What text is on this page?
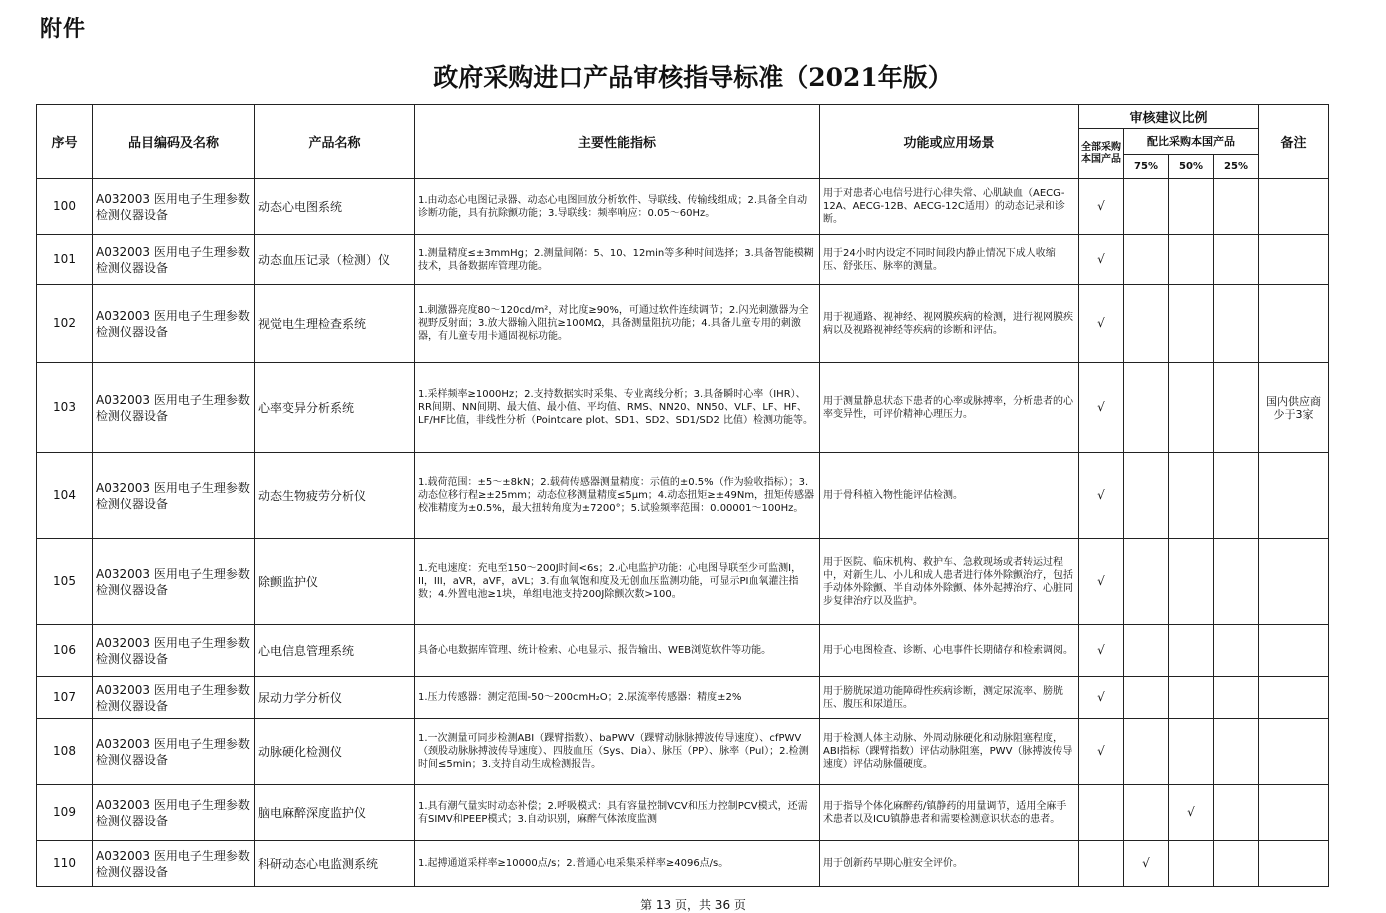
附件
政府采购进口产品审核指导标准（2021年版）
序号	品目编码及名称	产品名称	主要性能指标	功能或应用场景	审核建议比例				备注
					全部采购本国产品	配比采购本国产品			
						75%	50%	25%	
100	A032003 医用电子生理参数检测仪器设备	动态心电图系统	1.由动态心电图记录器、动态心电图回放分析软件、导联线、传输线组成；2.具备全自动诊断功能，具有抗除颤功能；3.导联线：频率响应：0.05～60Hz。	用于对患者心电信号进行心律失常、心肌缺血（AECG-12A、AECG-12B、AECG-12C适用）的动态记录和诊断。	√				
101	A032003 医用电子生理参数检测仪器设备	动态血压记录（检测）仪	1.测量精度≤±3mmHg；2.测量间隔：5、10、12min等多种时间选择；3.具备智能模糊技术，具备数据库管理功能。	用于24小时内设定不同时间段内静止情况下成人收缩压、舒张压、脉率的测量。	√				
102	A032003 医用电子生理参数检测仪器设备	视觉电生理检查系统	1.刺激器亮度80～120cd/m²，对比度≥90%，可通过软件连续调节；2.闪光刺激器为全视野反射面；3.放大器输入阻抗≥100MΩ，具备测量阻抗功能；4.具备儿童专用的刺激器，有儿童专用卡通固视标功能。	用于视通路、视神经、视网膜疾病的检测，进行视网膜疾病以及视路视神经等疾病的诊断和评估。	√				
103	A032003 医用电子生理参数检测仪器设备	心率变异分析系统	1.采样频率≥1000Hz；2.支持数据实时采集、专业离线分析；3.具备瞬时心率（IHR）、RR间期、NN间期、最大值、最小值、平均值、RMS、NN20、NN50、VLF、LF、HF、LF/HF比值，非线性分析（Pointcare plot、SD1、SD2、SD1/SD2 比值）检测功能等。	用于测量静息状态下患者的心率或脉搏率，分析患者的心率变异性，可评价精神心理压力。	√				国内供应商少于3家
104	A032003 医用电子生理参数检测仪器设备	动态生物疲劳分析仪	1.载荷范围：±5～±8kN；2.载荷传感器测量精度：示值的±0.5%（作为验收指标）；3.动态位移行程≥±25mm；动态位移测量精度≤5μm；4.动态扭矩≥±49Nm，扭矩传感器校准精度为±0.5%，最大扭转角度为±7200°；5.试验频率范围：0.00001～100Hz。	用于骨科植入物性能评估检测。	√				
105	A032003 医用电子生理参数检测仪器设备	除颤监护仪	1.充电速度：充电至150～200J时间<6s；2.心电监护功能：心电图导联至少可监测I，II，III，aVR，aVF，aVL；3.有血氧饱和度及无创血压监测功能，可显示PI血氧灌注指数；4.外置电池≥1块，单组电池支持200J除颤次数>100。	用于医院、临床机构、救护车、急救现场或者转运过程中，对新生儿、小儿和成人患者进行体外除颤治疗，包括手动体外除颤、半自动体外除颤、体外起搏治疗、心脏同步复律治疗以及监护。	√				
106	A032003 医用电子生理参数检测仪器设备	心电信息管理系统	具备心电数据库管理、统计检索、心电显示、报告输出、WEB浏览软件等功能。	用于心电图检查、诊断、心电事件长期储存和检索调阅。	√				
107	A032003 医用电子生理参数检测仪器设备	尿动力学分析仪	1.压力传感器：测定范围-50～200cmH₂O；2.尿流率传感器：精度±2%	用于膀胱尿道功能障碍性疾病诊断，测定尿流率、膀胱压、腹压和尿道压。	√				
108	A032003 医用电子生理参数检测仪器设备	动脉硬化检测仪	1.一次测量可同步检测ABI（踝臂指数）、baPWV（踝臂动脉脉搏波传导速度）、cfPWV（颈股动脉脉搏波传导速度）、四肢血压（Sys、Dia）、脉压（PP）、脉率（Pul）；2.检测时间≤5min；3.支持自动生成检测报告。	用于检测人体主动脉、外周动脉硬化和动脉阻塞程度，ABI指标（踝臂指数）评估动脉阻塞，PWV（脉搏波传导速度）评估动脉僵硬度。	√				
109	A032003 医用电子生理参数检测仪器设备	脑电麻醉深度监护仪	1.具有潮气量实时动态补偿；2.呼吸模式：具有容量控制VCV和压力控制PCV模式，还需有SIMV和PEEP模式；3.自动识别，麻醉气体浓度监测	用于指导个体化麻醉药/镇静药的用量调节，适用全麻手术患者以及ICU镇静患者和需要检测意识状态的患者。			√		
110	A032003 医用电子生理参数检测仪器设备	科研动态心电监测系统	1.起搏通道采样率≥10000点/s；2.普通心电采集采样率≥4096点/s。	用于创新药早期心脏安全评价。		√			
第 13 页，共 36 页
